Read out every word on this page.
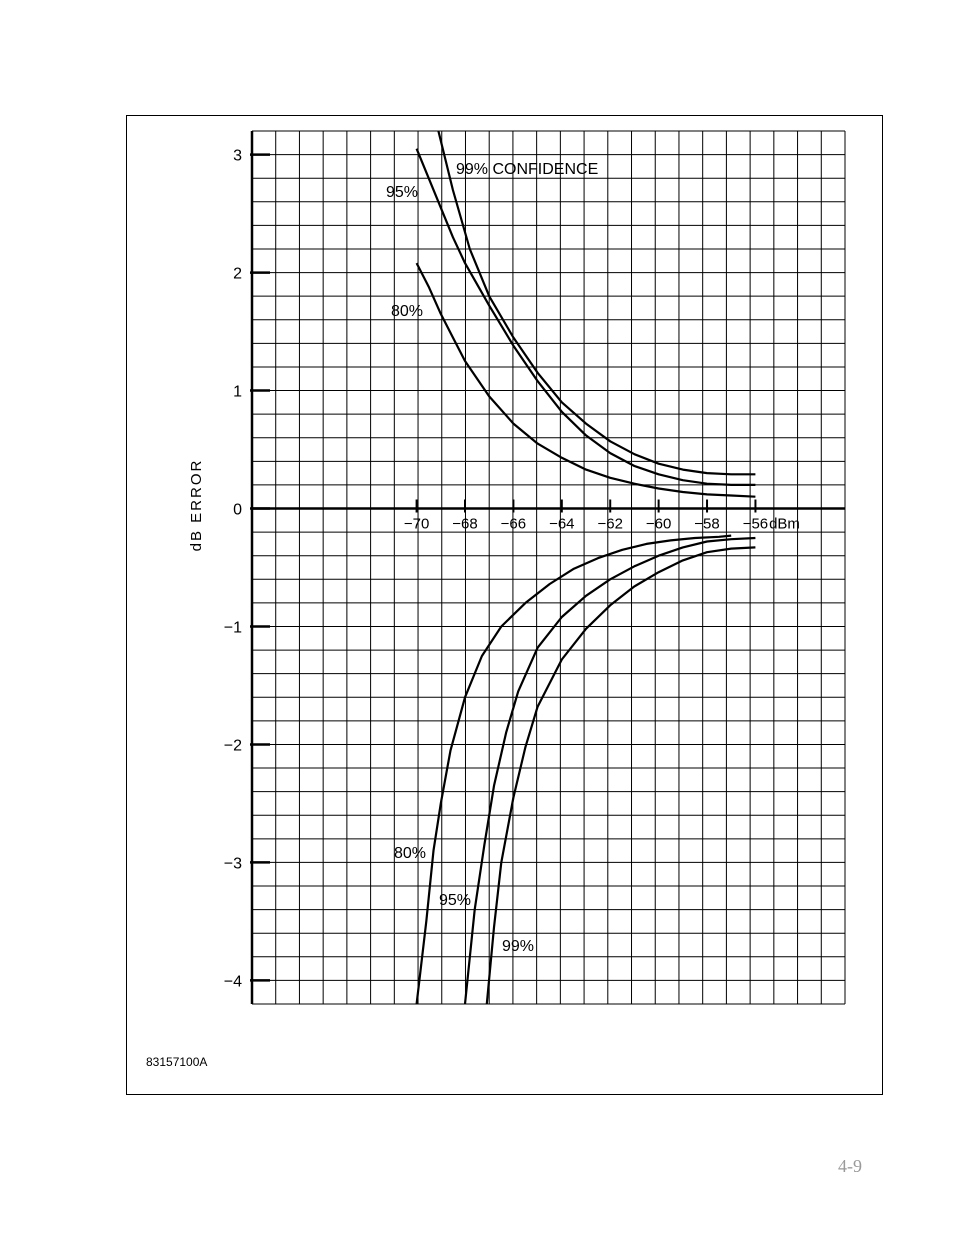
3
2
1
0
−1
−2
−3
−4
−70 −68 −66 −64 −62 −60 −58 −56 dBm
dB ERROR
99% CONFIDENCE
95%
80%
80%
95%
99%
83157100A
4-9
